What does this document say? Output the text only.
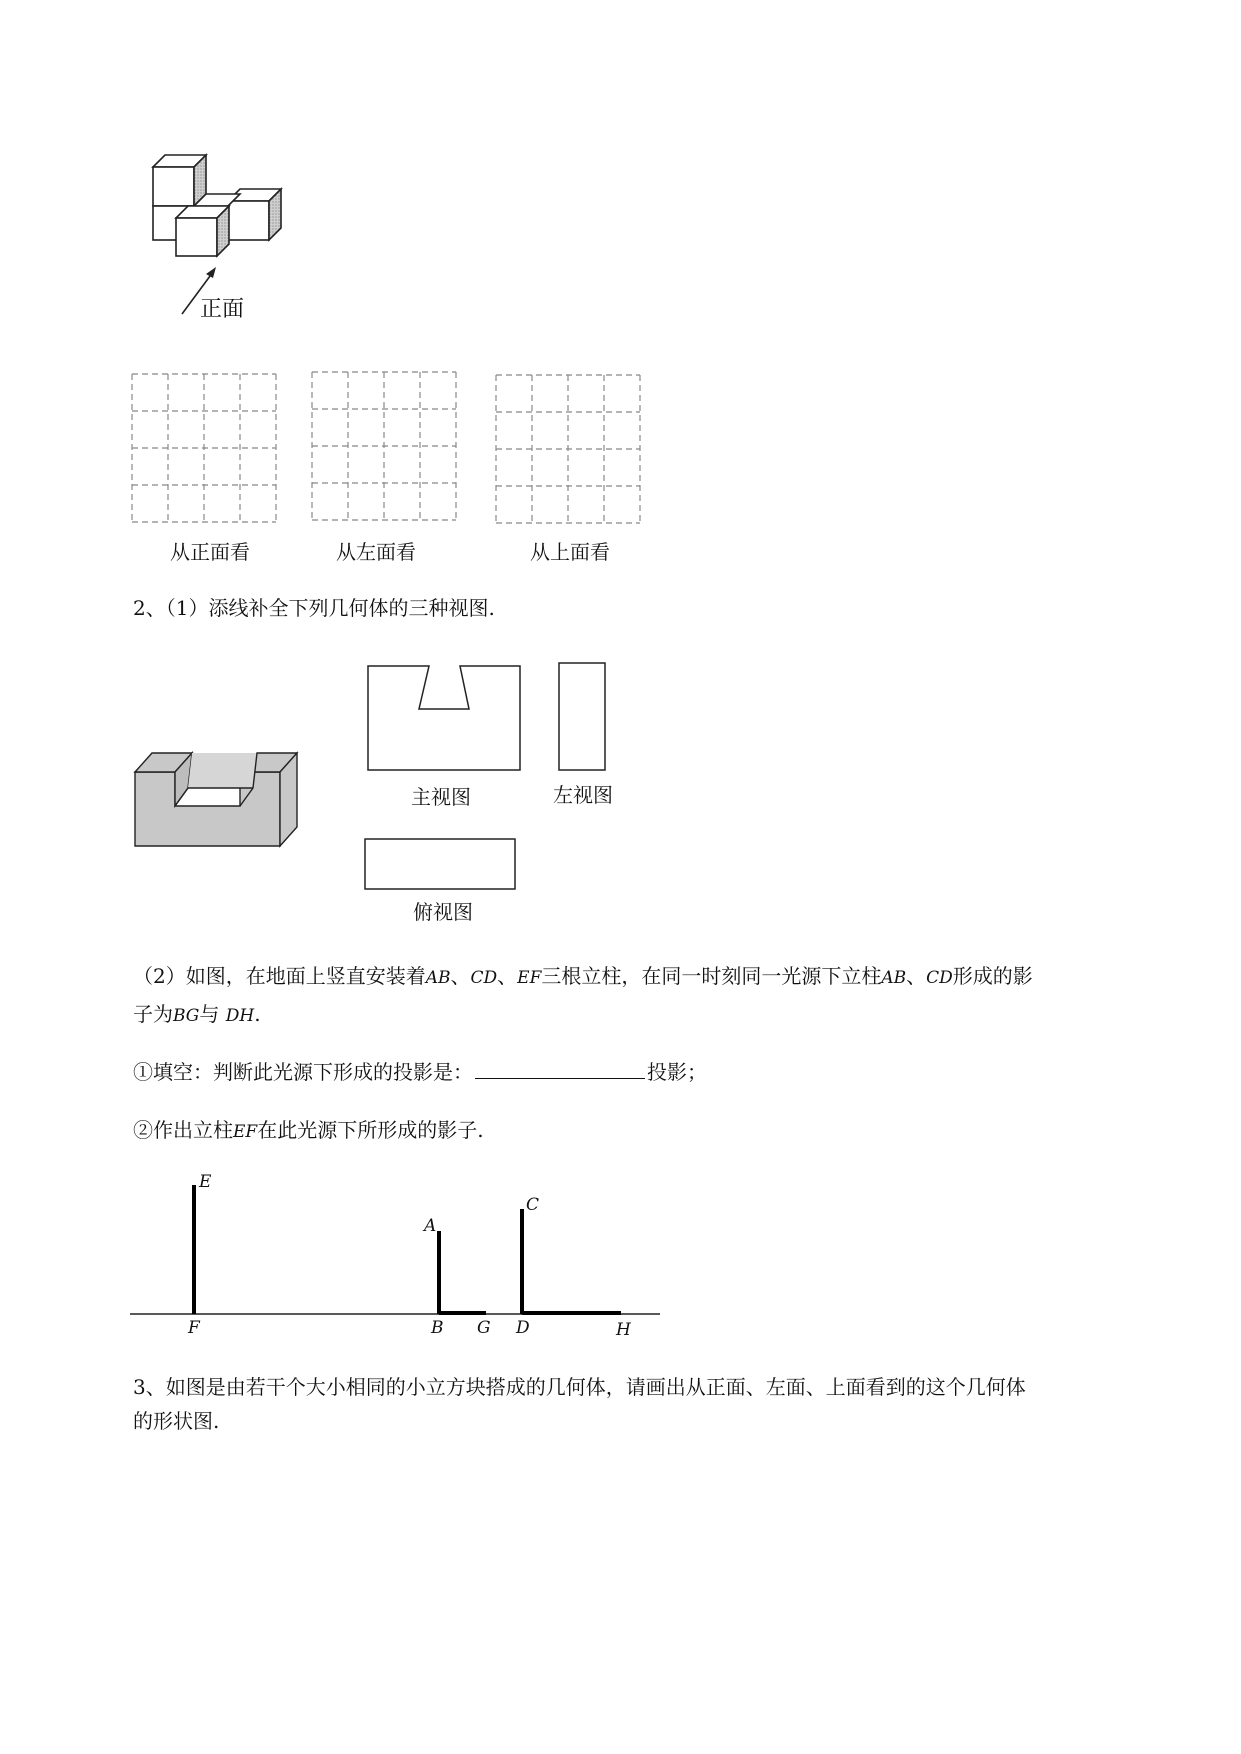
正面
从正面看	从左面看	从上面看
2、（1）添线补全下列几何体的三种视图.
主视图	左视图
俯视图
（2）如图，在地面上竖直安装着AB、CD、EF三根立柱，在同一时刻同一光源下立柱AB、CD形成的影
子为BG与 DH.
①填空：判断此光源下形成的投影是：	投影；
②作出立柱EF在此光源下所形成的影子.
E
F
A
B G
C
D	H
3、如图是由若干个大小相同的小立方块搭成的几何体，请画出从正面、左面、上面看到的这个几何体
的形状图.
